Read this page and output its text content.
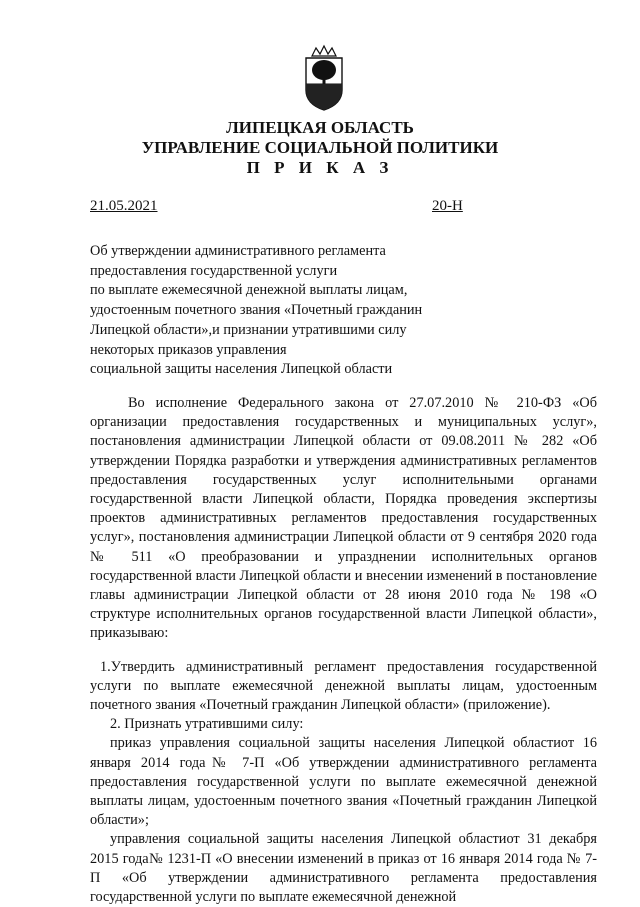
ЛИПЕЦКАЯ ОБЛАСТЬ
УПРАВЛЕНИЕ СОЦИАЛЬНОЙ ПОЛИТИКИ
П Р И К А З
21.05.2021	20-Н
Об утверждении административного регламента
предоставления государственной услуги
по выплате ежемесячной денежной выплаты лицам,
удостоенным почетного звания «Почетный гражданин
Липецкой области»,и признании утратившими силу
некоторых приказов управления
социальной защиты населения Липецкой области

Во исполнение Федерального закона от 27.07.2010 № 210-ФЗ «Об организации предоставления государственных и муниципальных услуг», постановления администрации Липецкой области от 09.08.2011 № 282 «Об утверждении Порядка разработки и утверждения административных регламентов предоставления государственных услуг исполнительными органами государственной власти Липецкой области, Порядка проведения экспертизы проектов административных регламентов предоставления государственных услуг», постановления администрации Липецкой области от 9 сентября 2020 года № 511 «О преобразовании и упразднении исполнительных органов государственной власти Липецкой области и внесении изменений в постановление главы администрации Липецкой области от 28 июня 2010 года № 198 «О структуре исполнительных органов государственной власти Липецкой области», приказываю:

1.Утвердить административный регламент предоставления государственной услуги по выплате ежемесячной денежной выплаты лицам, удостоенным почетного звания «Почетный гражданин Липецкой области» (приложение).

2. Признать утратившими силу:

приказ управления социальной защиты населения Липецкой областиот 16 января 2014 года№ 7-П «Об утверждении административного регламента предоставления государственной услуги по выплате ежемесячной денежной выплаты лицам, удостоенным почетного звания «Почетный гражданин Липецкой области»;

управления социальной защиты населения Липецкой областиот 31 декабря 2015 года№ 1231-П «О внесении изменений в приказ от 16 января 2014 года № 7-П «Об утверждении административного регламента предоставления государственной услуги по выплате ежемесячной денежной
